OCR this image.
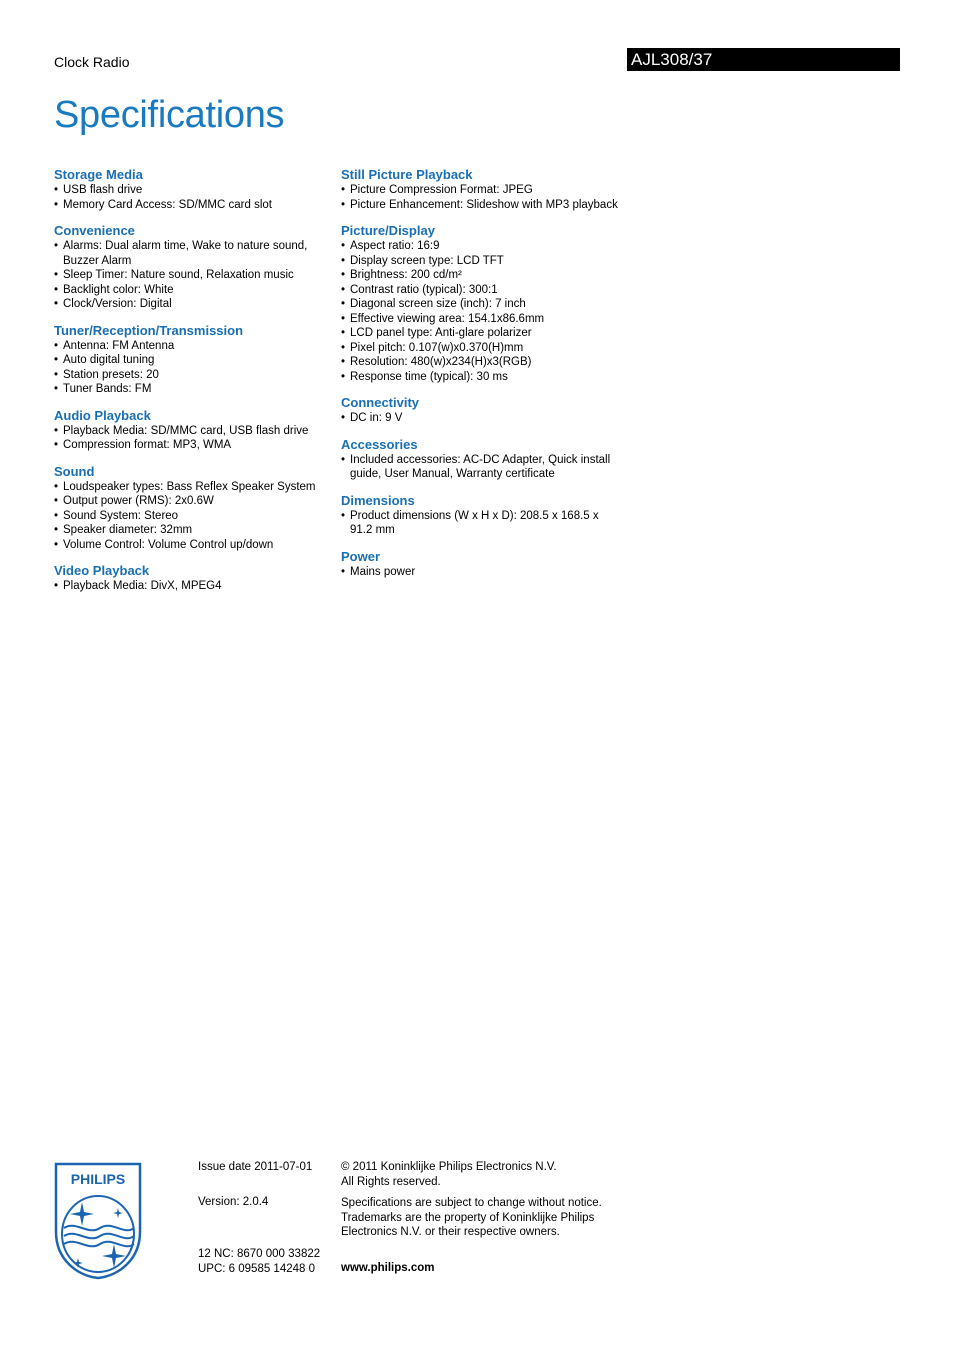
Clock Radio	AJL308/37
Specifications
Storage Media
• USB flash drive
• Memory Card Access: SD/MMC card slot
Convenience
• Alarms: Dual alarm time, Wake to nature sound, Buzzer Alarm
• Sleep Timer: Nature sound, Relaxation music
• Backlight color: White
• Clock/Version: Digital
Tuner/Reception/Transmission
• Antenna: FM Antenna
• Auto digital tuning
• Station presets: 20
• Tuner Bands: FM
Audio Playback
• Playback Media: SD/MMC card, USB flash drive
• Compression format: MP3, WMA
Sound
• Loudspeaker types: Bass Reflex Speaker System
• Output power (RMS): 2x0.6W
• Sound System: Stereo
• Speaker diameter: 32mm
• Volume Control: Volume Control up/down
Video Playback
• Playback Media: DivX, MPEG4
Still Picture Playback
• Picture Compression Format: JPEG
• Picture Enhancement: Slideshow with MP3 playback
Picture/Display
• Aspect ratio: 16:9
• Display screen type: LCD TFT
• Brightness: 200 cd/m²
• Contrast ratio (typical): 300:1
• Diagonal screen size (inch): 7 inch
• Effective viewing area: 154.1x86.6mm
• LCD panel type: Anti-glare polarizer
• Pixel pitch: 0.107(w)x0.370(H)mm
• Resolution: 480(w)x234(H)x3(RGB)
• Response time (typical): 30 ms
Connectivity
• DC in: 9 V
Accessories
• Included accessories: AC-DC Adapter, Quick install guide, User Manual, Warranty certificate
Dimensions
• Product dimensions (W x H x D): 208.5 x 168.5 x 91.2 mm
Power
• Mains power
PHILIPS
Issue date 2011-07-01
Version: 2.0.4
12 NC: 8670 000 33822
UPC: 6 09585 14248 0
© 2011 Koninklijke Philips Electronics N.V.
All Rights reserved.
Specifications are subject to change without notice.
Trademarks are the property of Koninklijke Philips
Electronics N.V. or their respective owners.
www.philips.com
